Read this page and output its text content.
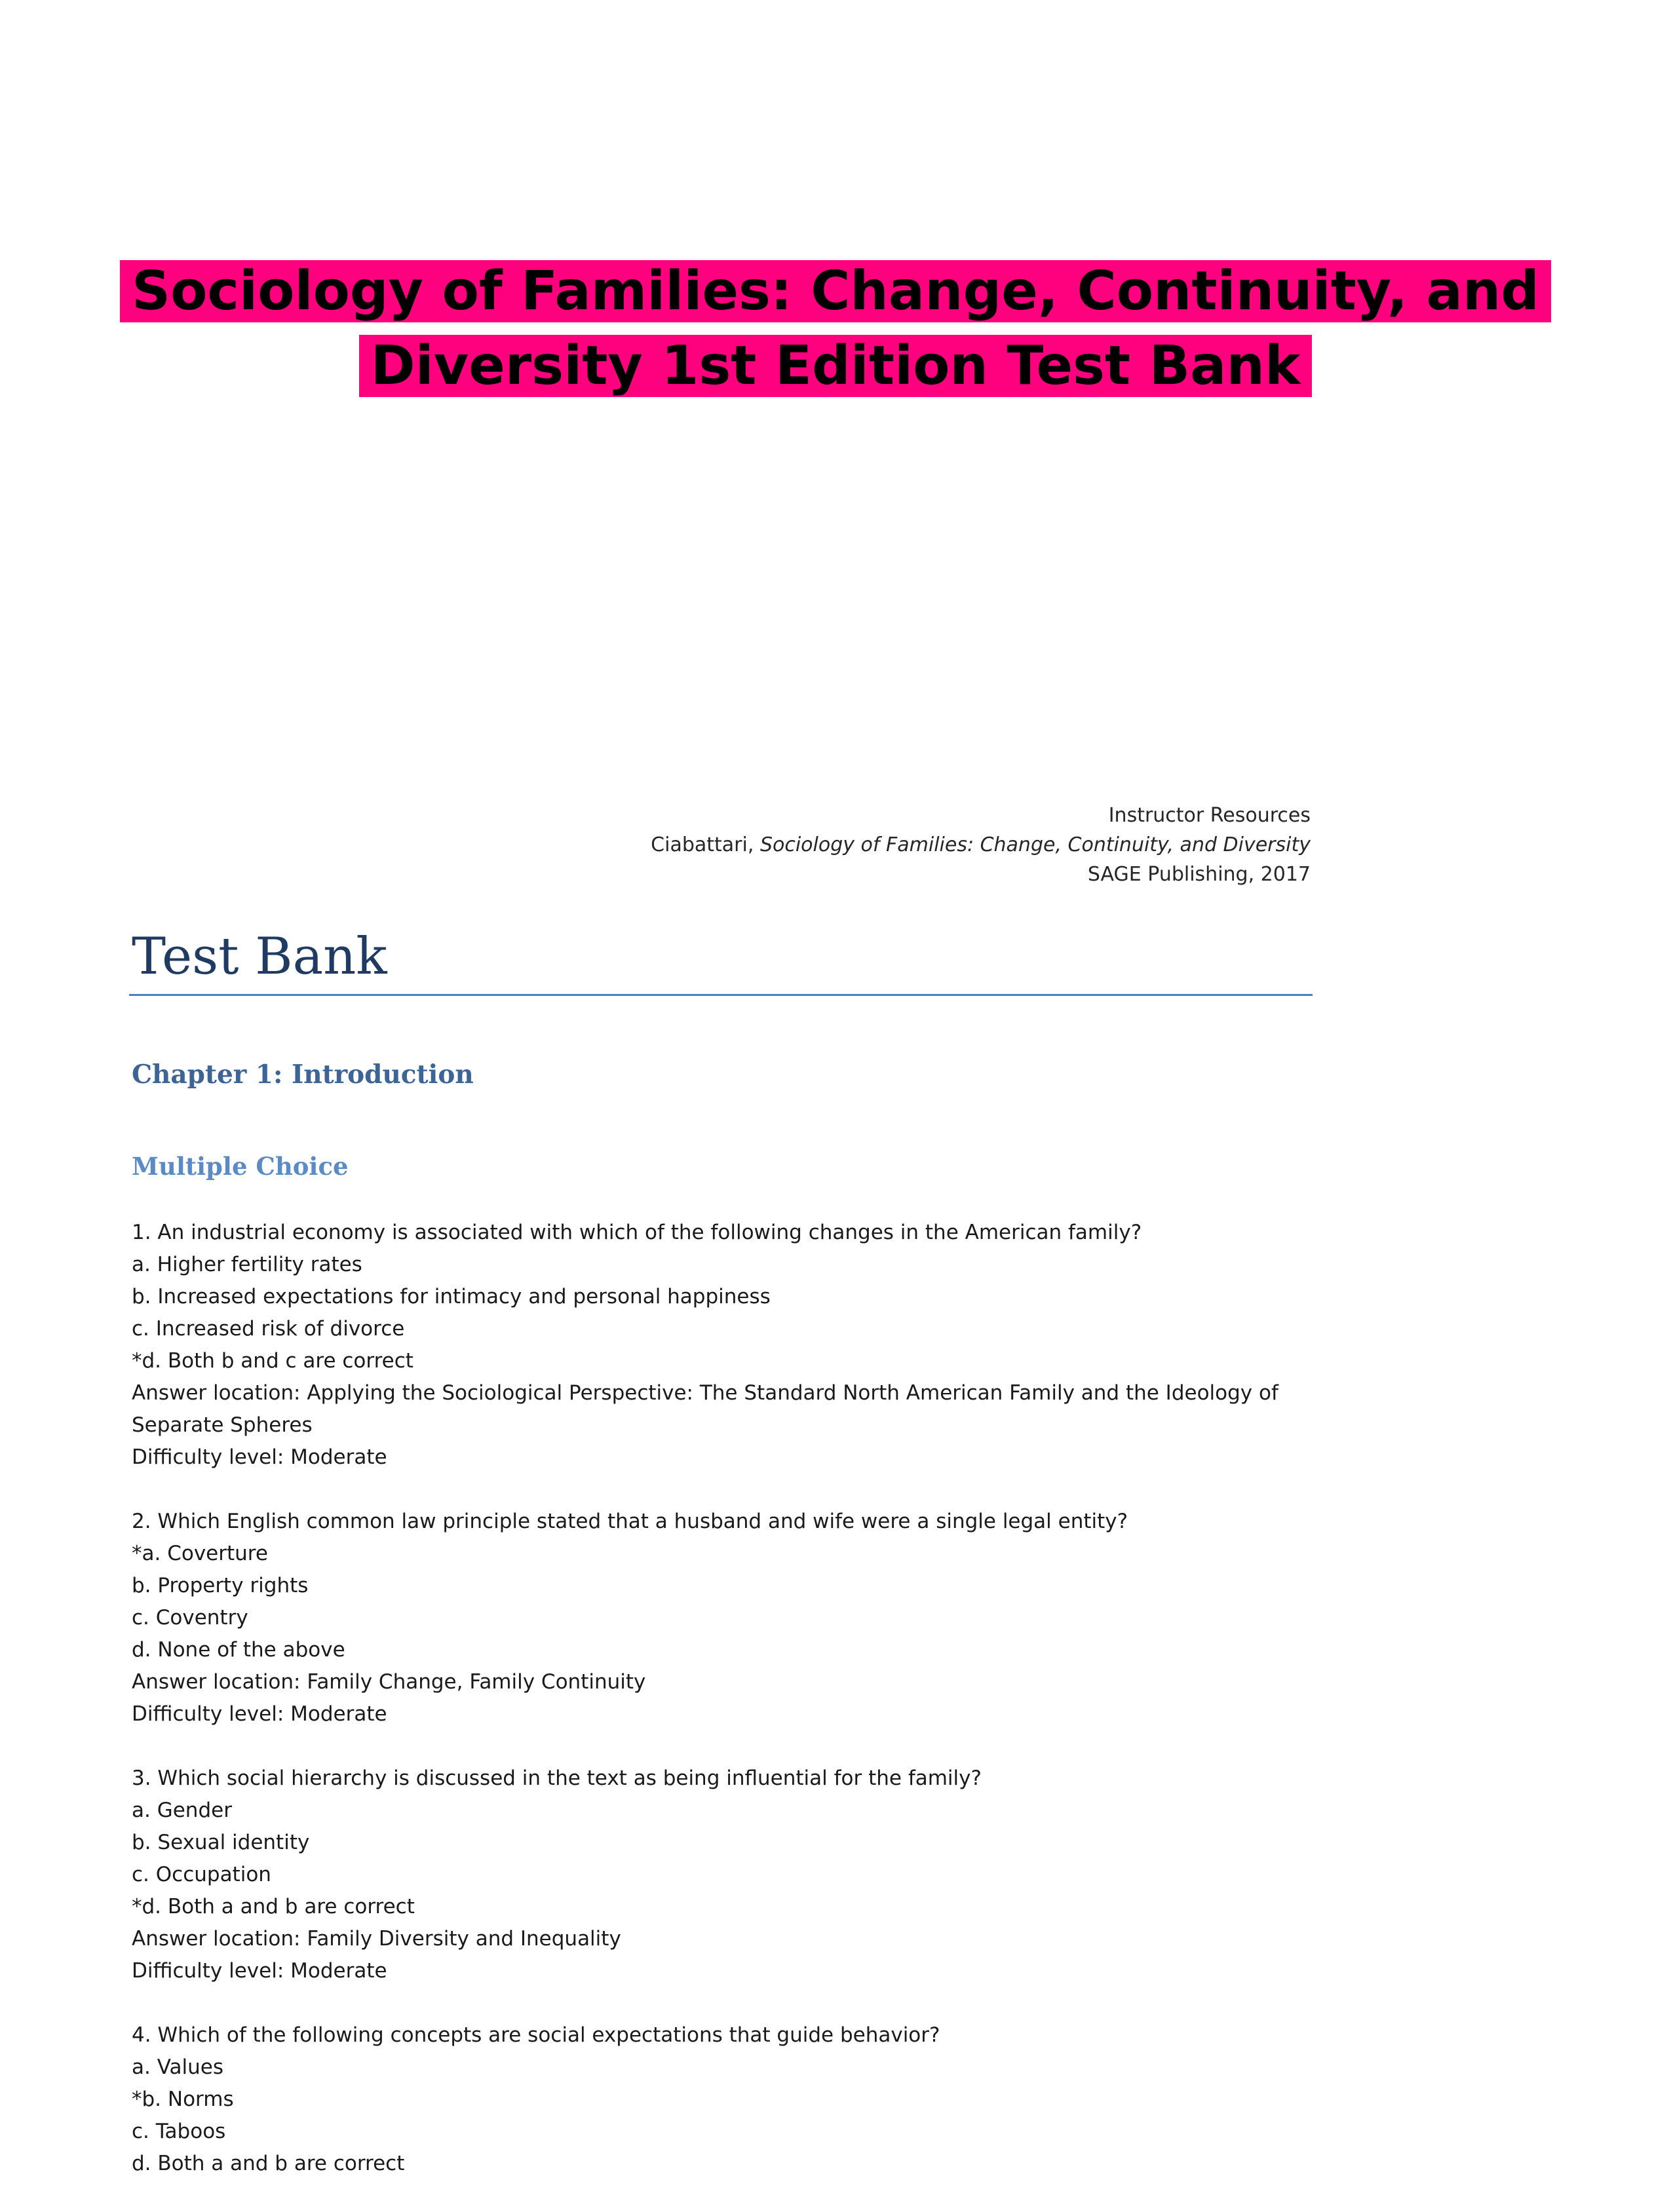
Sociology of Families: Change, Continuity, and
Diversity 1st Edition Test Bank
Instructor Resources
Ciabattari, Sociology of Families: Change, Continuity, and Diversity
SAGE Publishing, 2017
Test Bank
Chapter 1: Introduction
Multiple Choice
1. An industrial economy is associated with which of the following changes in the American family?
a. Higher fertility rates
b. Increased expectations for intimacy and personal happiness
c. Increased risk of divorce
*d. Both b and c are correct
Answer location: Applying the Sociological Perspective: The Standard North American Family and the Ideology of Separate Spheres
Difficulty level: Moderate
2. Which English common law principle stated that a husband and wife were a single legal entity?
*a. Coverture
b. Property rights
c. Coventry
d. None of the above
Answer location: Family Change, Family Continuity
Difficulty level: Moderate
3. Which social hierarchy is discussed in the text as being influential for the family?
a. Gender
b. Sexual identity
c. Occupation
*d. Both a and b are correct
Answer location: Family Diversity and Inequality
Difficulty level: Moderate
4. Which of the following concepts are social expectations that guide behavior?
a. Values
*b. Norms
c. Taboos
d. Both a and b are correct
